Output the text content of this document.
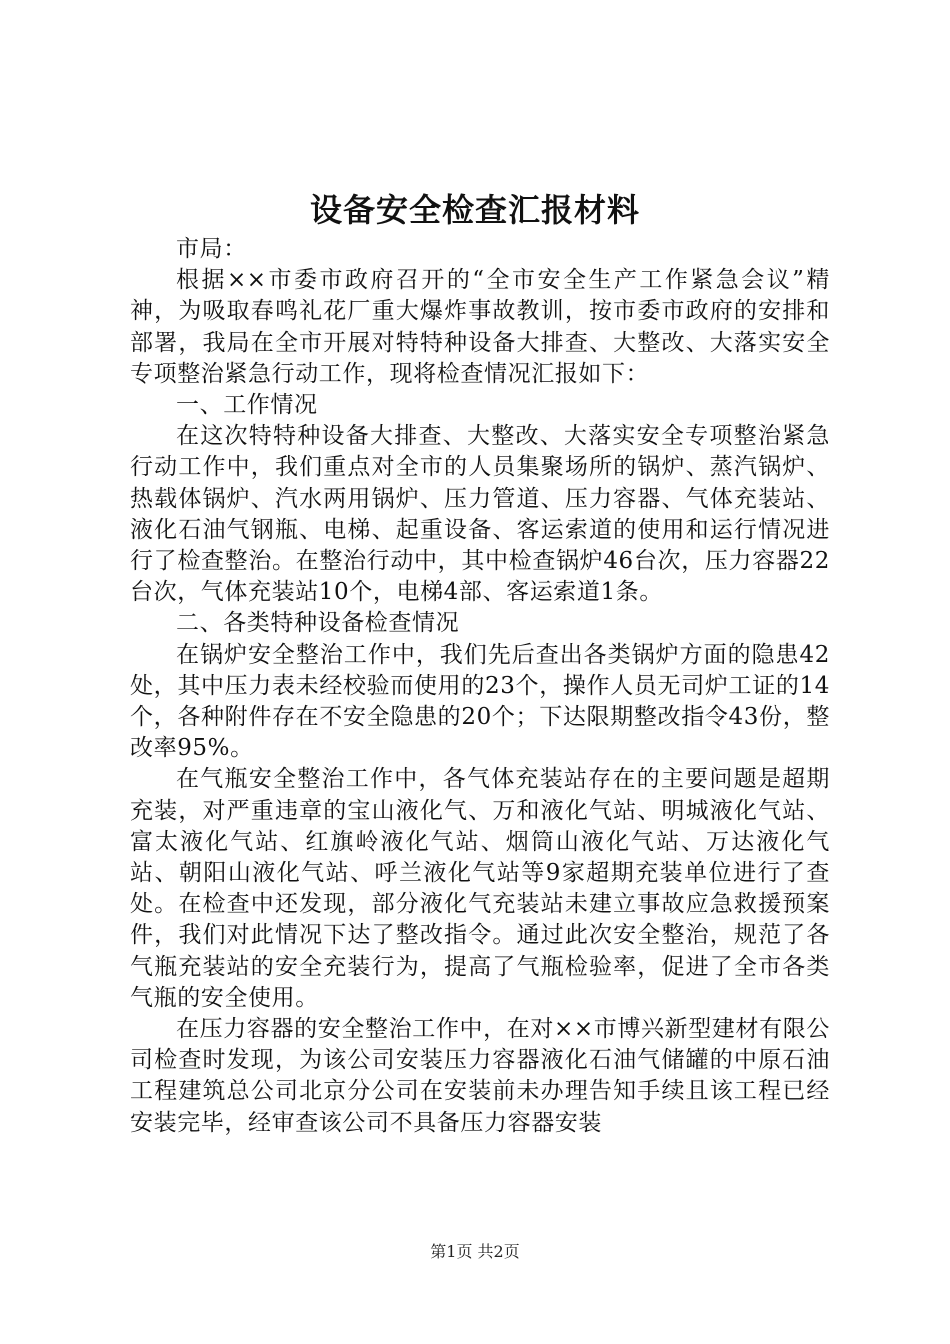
设备安全检查汇报材料

市局：

根据××市委市政府召开的“全市安全生产工作紧急会议”精神，为吸取春鸣礼花厂重大爆炸事故教训，按市委市政府的安排和部署，我局在全市开展对特特种设备大排查、大整改、大落实安全专项整治紧急行动工作，现将检查情况汇报如下：

一、工作情况

在这次特特种设备大排查、大整改、大落实安全专项整治紧急行动工作中，我们重点对全市的人员集聚场所的锅炉、蒸汽锅炉、热载体锅炉、汽水两用锅炉、压力管道、压力容器、气体充装站、液化石油气钢瓶、电梯、起重设备、客运索道的使用和运行情况进行了检查整治。在整治行动中，其中检查锅炉46台次，压力容器22台次，气体充装站10个，电梯4部、客运索道1条。

二、各类特种设备检查情况

在锅炉安全整治工作中，我们先后查出各类锅炉方面的隐患42处，其中压力表未经校验而使用的23个，操作人员无司炉工证的14个，各种附件存在不安全隐患的20个；下达限期整改指令43份，整改率95%。

在气瓶安全整治工作中，各气体充装站存在的主要问题是超期充装，对严重违章的宝山液化气、万和液化气站、明城液化气站、富太液化气站、红旗岭液化气站、烟筒山液化气站、万达液化气站、朝阳山液化气站、呼兰液化气站等9家超期充装单位进行了查处。在检查中还发现，部分液化气充装站未建立事故应急救援预案件，我们对此情况下达了整改指令。通过此次安全整治，规范了各气瓶充装站的安全充装行为，提高了气瓶检验率，促进了全市各类气瓶的安全使用。

在压力容器的安全整治工作中，在对××市博兴新型建材有限公司检查时发现，为该公司安装压力容器液化石油气储罐的中原石油工程建筑总公司北京分公司在安装前未办理告知手续且该工程已经安装完毕，经审查该公司不具备压力容器安装

第1页 共2页
